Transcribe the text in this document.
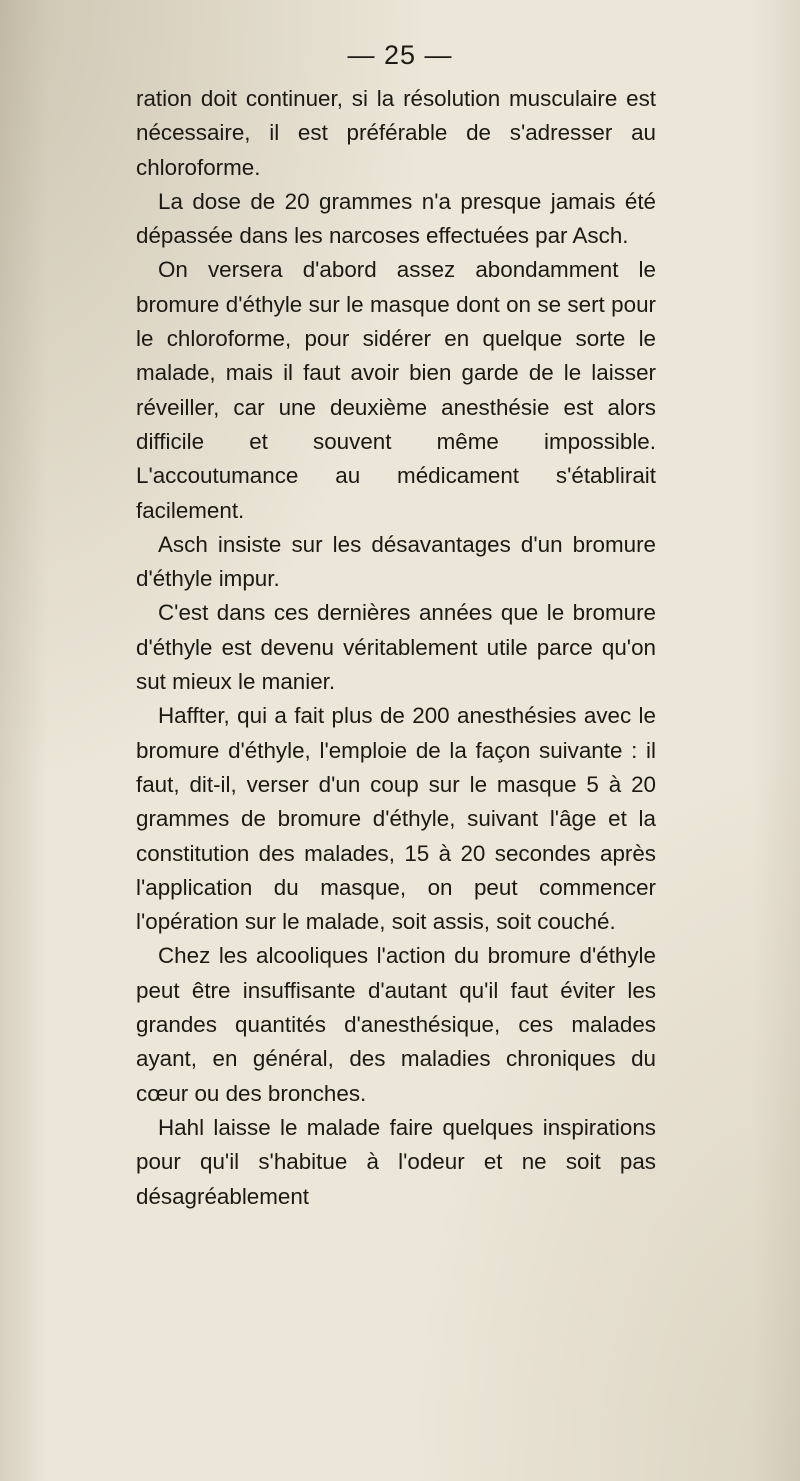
— 25 —

ration doit continuer, si la résolution musculaire est nécessaire, il est préférable de s'adresser au chloroforme.

La dose de 20 grammes n'a presque jamais été dépassée dans les narcoses effectuées par Asch.

On versera d'abord assez abondamment le bromure d'éthyle sur le masque dont on se sert pour le chloroforme, pour sidérer en quelque sorte le malade, mais il faut avoir bien garde de le laisser réveiller, car une deuxième anesthésie est alors difficile et souvent même impossible. L'accoutumance au médicament s'établirait facilement.

Asch insiste sur les désavantages d'un bromure d'éthyle impur.

C'est dans ces dernières années que le bromure d'éthyle est devenu véritablement utile parce qu'on sut mieux le manier.

Haffter, qui a fait plus de 200 anesthésies avec le bromure d'éthyle, l'emploie de la façon suivante : il faut, dit-il, verser d'un coup sur le masque 5 à 20 grammes de bromure d'éthyle, suivant l'âge et la constitution des malades, 15 à 20 secondes après l'application du masque, on peut commencer l'opération sur le malade, soit assis, soit couché.

Chez les alcooliques l'action du bromure d'éthyle peut être insuffisante d'autant qu'il faut éviter les grandes quantités d'anesthésique, ces malades ayant, en général, des maladies chroniques du cœur ou des bronches.

Hahl laisse le malade faire quelques inspirations pour qu'il s'habitue à l'odeur et ne soit pas désagréablement
